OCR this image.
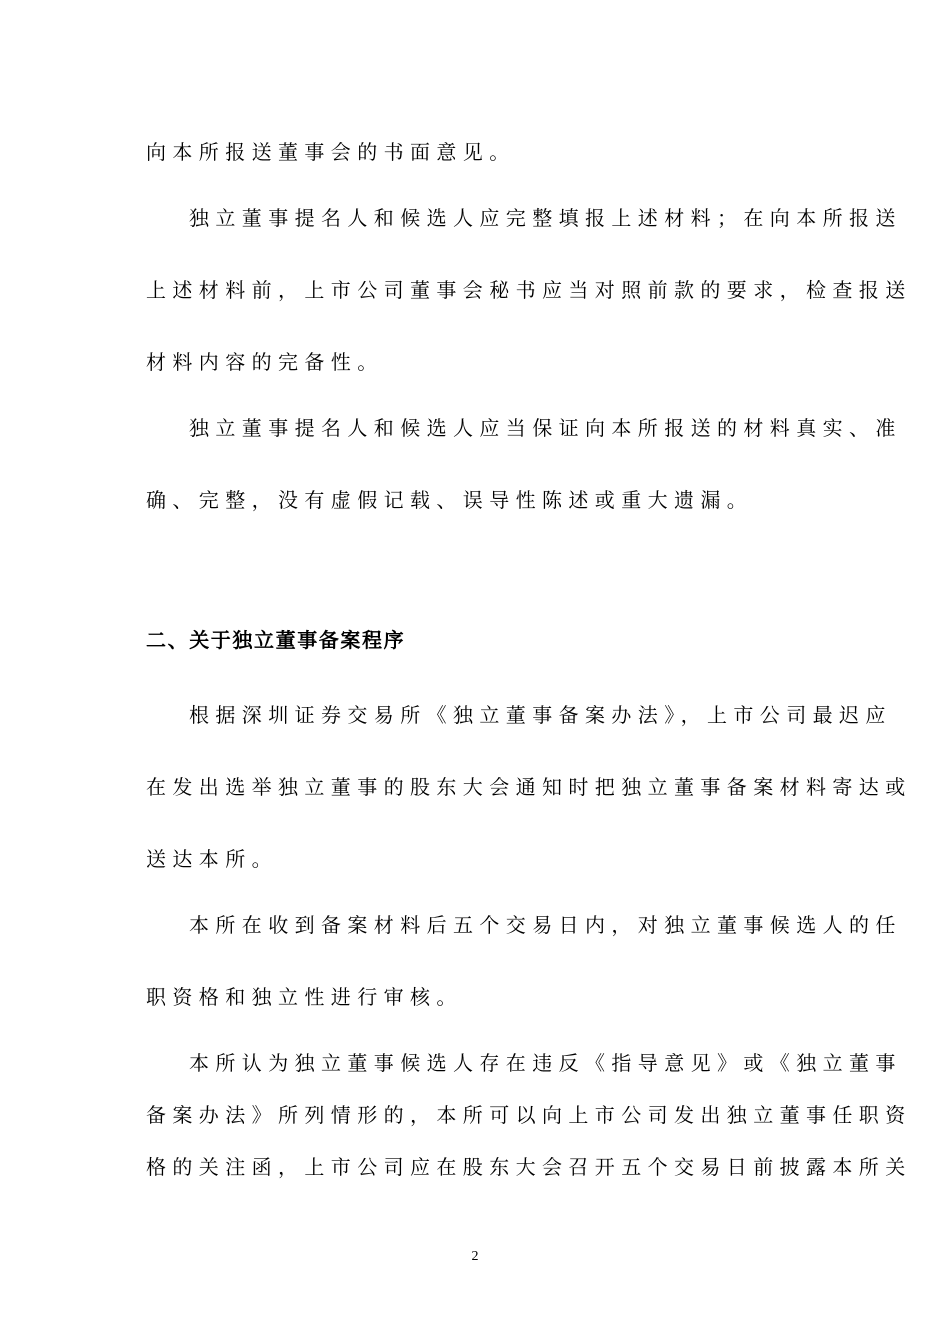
向本所报送董事会的书面意见。
独立董事提名人和候选人应完整填报上述材料；在向本所报送
上述材料前，上市公司董事会秘书应当对照前款的要求，检查报送
材料内容的完备性。
独立董事提名人和候选人应当保证向本所报送的材料真实、准
确、完整，没有虚假记载、误导性陈述或重大遗漏。
二、关于独立董事备案程序
根据深圳证券交易所《独立董事备案办法》，上市公司最迟应
在发出选举独立董事的股东大会通知时把独立董事备案材料寄达或
送达本所。
本所在收到备案材料后五个交易日内，对独立董事候选人的任
职资格和独立性进行审核。
本所认为独立董事候选人存在违反《指导意见》或《独立董事
备案办法》所列情形的，本所可以向上市公司发出独立董事任职资
格的关注函，上市公司应在股东大会召开五个交易日前披露本所关
2
